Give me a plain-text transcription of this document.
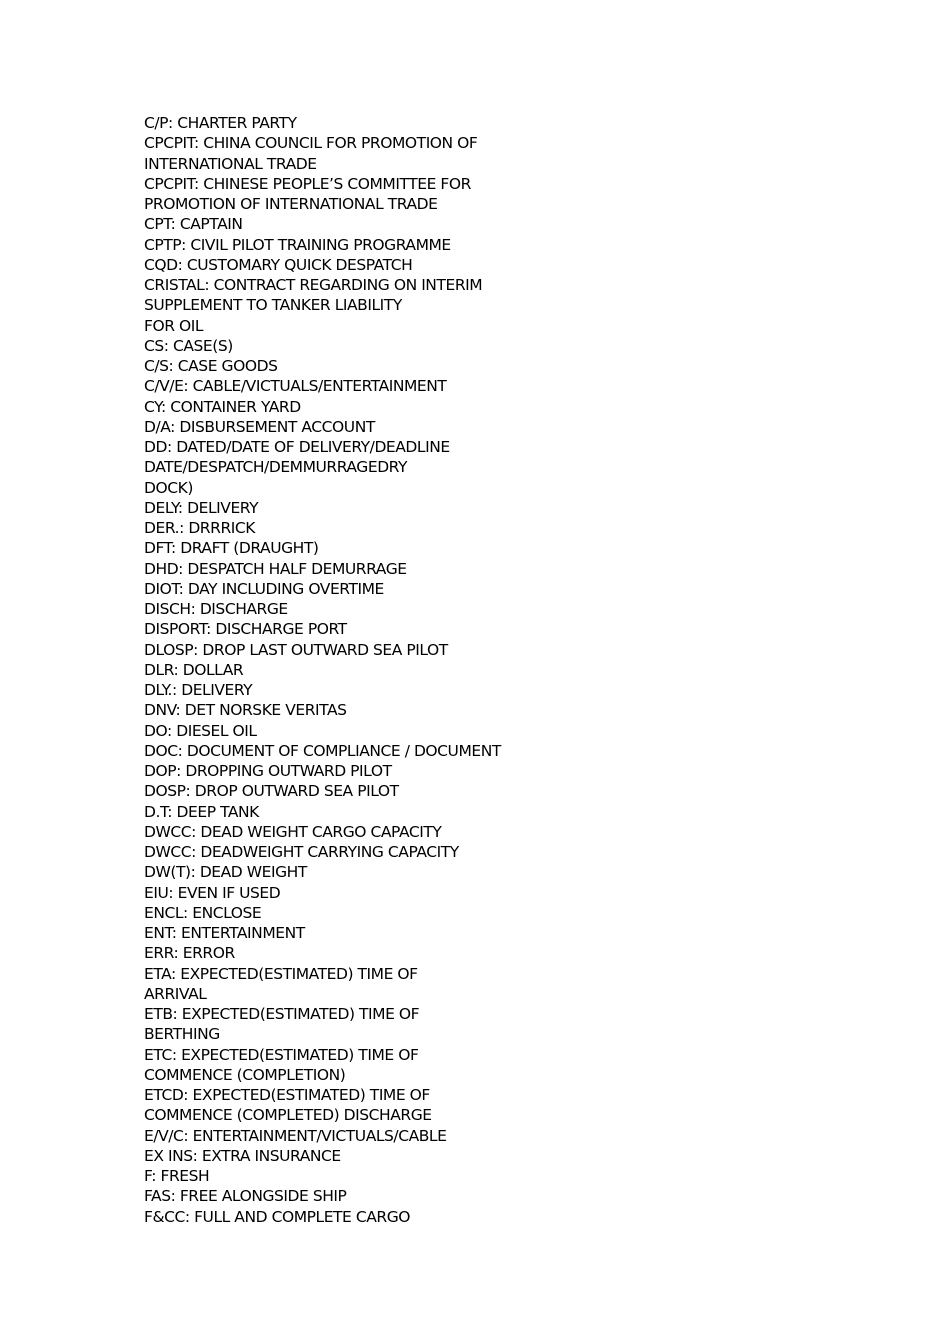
C/P: CHARTER PARTY
CPCPIT: CHINA COUNCIL FOR PROMOTION OF
INTERNATIONAL TRADE
CPCPIT: CHINESE PEOPLE’S COMMITTEE FOR
PROMOTION OF INTERNATIONAL TRADE
CPT: CAPTAIN
CPTP: CIVIL PILOT TRAINING PROGRAMME
CQD: CUSTOMARY QUICK DESPATCH
CRISTAL: CONTRACT REGARDING ON INTERIM
SUPPLEMENT TO TANKER LIABILITY
FOR OIL
CS: CASE(S)
C/S: CASE GOODS
C/V/E: CABLE/VICTUALS/ENTERTAINMENT
CY: CONTAINER YARD
D/A: DISBURSEMENT ACCOUNT
DD: DATED/DATE OF DELIVERY/DEADLINE
DATE/DESPATCH/DEMMURRAGEDRY
DOCK)
DELY: DELIVERY
DER.: DRRRICK
DFT: DRAFT (DRAUGHT)
DHD: DESPATCH HALF DEMURRAGE
DIOT: DAY INCLUDING OVERTIME
DISCH: DISCHARGE
DISPORT: DISCHARGE PORT
DLOSP: DROP LAST OUTWARD SEA PILOT
DLR: DOLLAR
DLY.: DELIVERY
DNV: DET NORSKE VERITAS
DO: DIESEL OIL
DOC: DOCUMENT OF COMPLIANCE / DOCUMENT
DOP: DROPPING OUTWARD PILOT
DOSP: DROP OUTWARD SEA PILOT
D.T: DEEP TANK
DWCC: DEAD WEIGHT CARGO CAPACITY
DWCC: DEADWEIGHT CARRYING CAPACITY
DW(T): DEAD WEIGHT
EIU: EVEN IF USED
ENCL: ENCLOSE
ENT: ENTERTAINMENT
ERR: ERROR
ETA: EXPECTED(ESTIMATED) TIME OF
ARRIVAL
ETB: EXPECTED(ESTIMATED) TIME OF
BERTHING
ETC: EXPECTED(ESTIMATED) TIME OF
COMMENCE (COMPLETION)
ETCD: EXPECTED(ESTIMATED) TIME OF
COMMENCE (COMPLETED) DISCHARGE
E/V/C: ENTERTAINMENT/VICTUALS/CABLE
EX INS: EXTRA INSURANCE
F: FRESH
FAS: FREE ALONGSIDE SHIP
F&CC: FULL AND COMPLETE CARGO
